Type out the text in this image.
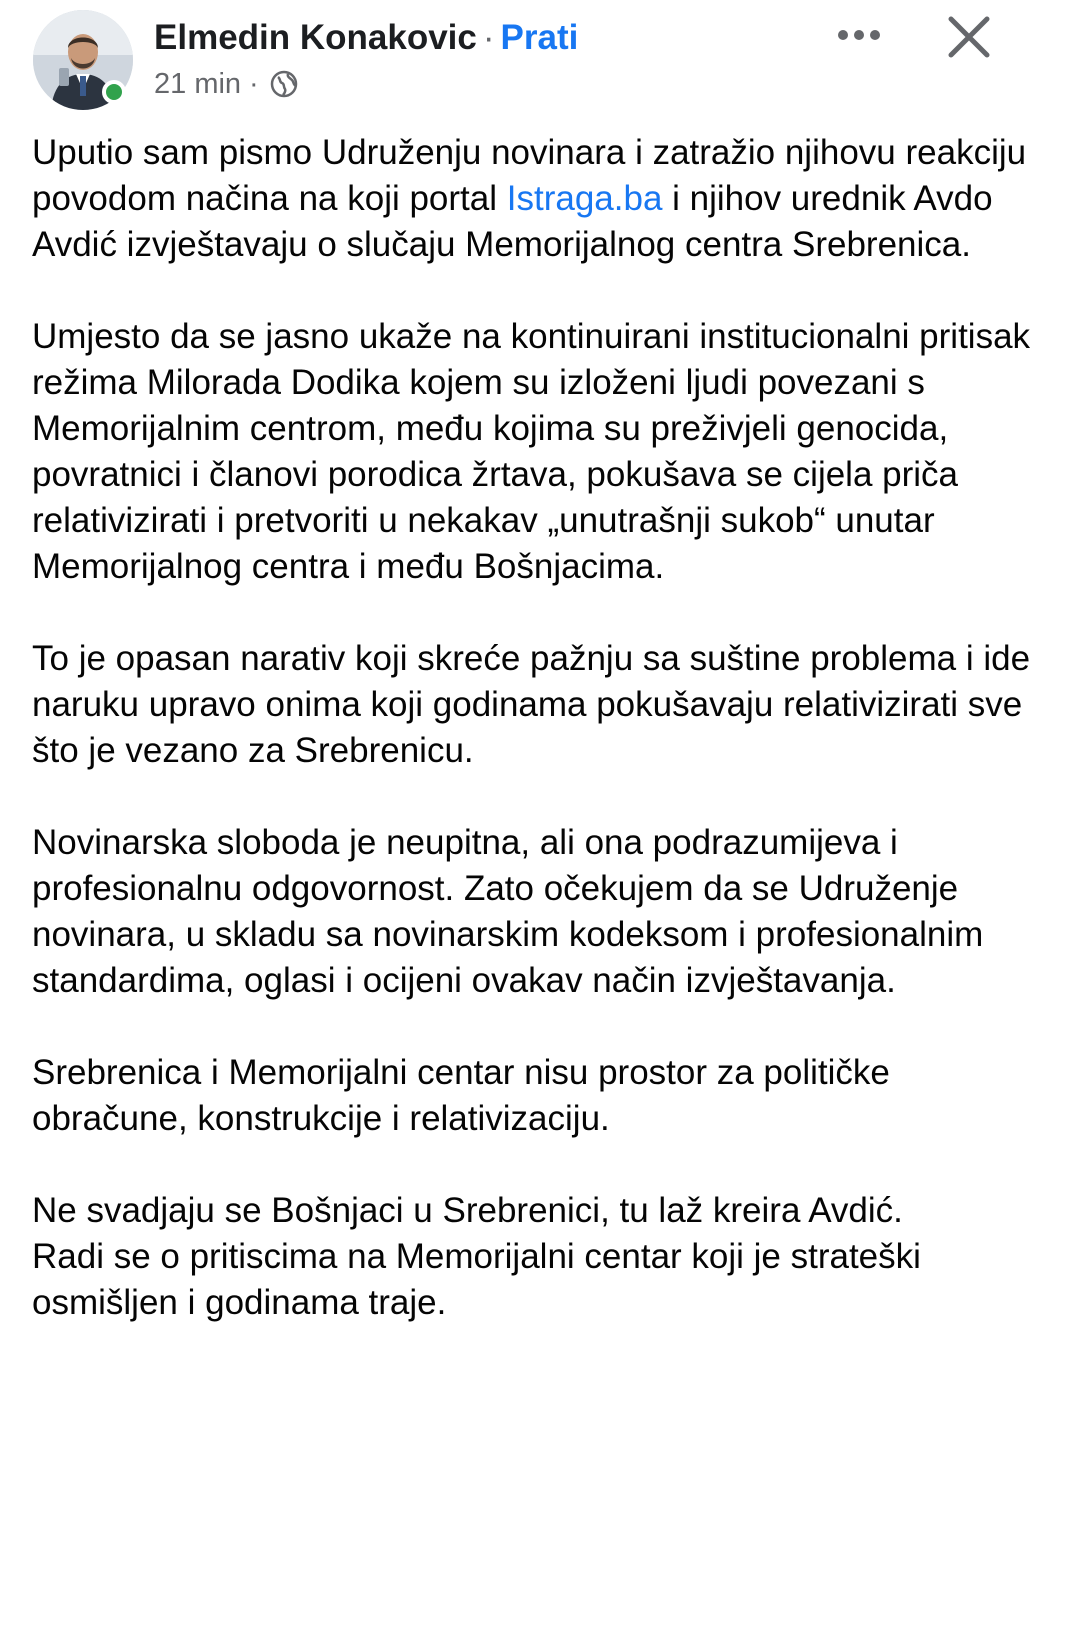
Elmedin Konakovic · Prati
21 min ·

Uputio sam pismo Udruženju novinara i zatražio njihovu reakciju povodom načina na koji portal Istraga.ba i njihov urednik Avdo Avdić izvještavaju o slučaju Memorijalnog centra Srebrenica.

Umjesto da se jasno ukaže na kontinuirani institucionalni pritisak režima Milorada Dodika kojem su izloženi ljudi povezani s Memorijalnim centrom, među kojima su preživjeli genocida, povratnici i članovi porodica žrtava, pokušava se cijela priča relativizirati i pretvoriti u nekakav „unutrašnji sukob“ unutar Memorijalnog centra i među Bošnjacima.

To je opasan narativ koji skreće pažnju sa suštine problema i ide naruku upravo onima koji godinama pokušavaju relativizirati sve što je vezano za Srebrenicu.

Novinarska sloboda je neupitna, ali ona podrazumijeva i profesionalnu odgovornost. Zato očekujem da se Udruženje novinara, u skladu sa novinarskim kodeksom i profesionalnim standardima, oglasi i ocijeni ovakav način izvještavanja.

Srebrenica i Memorijalni centar nisu prostor za političke obračune, konstrukcije i relativizaciju.

Ne svadjaju se Bošnjaci u Srebrenici, tu laž kreira Avdić.

Radi se o pritiscima na Memorijalni centar koji je strateški osmišljen i godinama traje.
